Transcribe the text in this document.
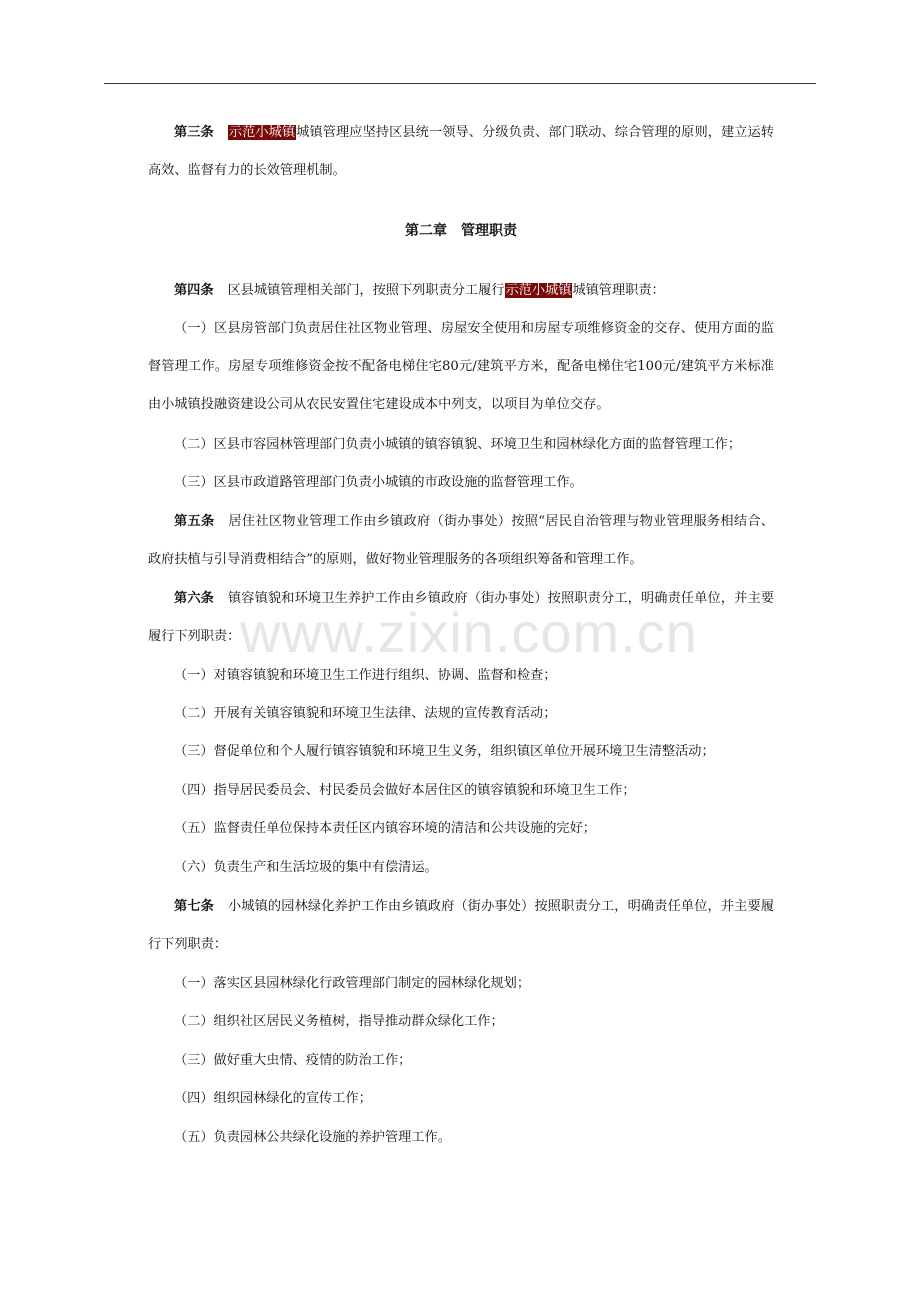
www.zixin.com.cn
第三条 示范小城镇城镇管理应坚持区县统一领导、分级负责、部门联动、综合管理的原则，建立运转高效、监督有力的长效管理机制。
第二章　管理职责
第四条 区县城镇管理相关部门，按照下列职责分工履行示范小城镇城镇管理职责：
（一）区县房管部门负责居住社区物业管理、房屋安全使用和房屋专项维修资金的交存、使用方面的监督管理工作。房屋专项维修资金按不配备电梯住宅80元/建筑平方米，配备电梯住宅100元/建筑平方米标准由小城镇投融资建设公司从农民安置住宅建设成本中列支，以项目为单位交存。
（二）区县市容园林管理部门负责小城镇的镇容镇貌、环境卫生和园林绿化方面的监督管理工作；
（三）区县市政道路管理部门负责小城镇的市政设施的监督管理工作。
第五条 居住社区物业管理工作由乡镇政府（街办事处）按照“居民自治管理与物业管理服务相结合、政府扶植与引导消费相结合”的原则，做好物业管理服务的各项组织筹备和管理工作。
第六条 镇容镇貌和环境卫生养护工作由乡镇政府（街办事处）按照职责分工，明确责任单位，并主要履行下列职责：
（一）对镇容镇貌和环境卫生工作进行组织、协调、监督和检查；
（二）开展有关镇容镇貌和环境卫生法律、法规的宣传教育活动；
（三）督促单位和个人履行镇容镇貌和环境卫生义务，组织镇区单位开展环境卫生清整活动；
（四）指导居民委员会、村民委员会做好本居住区的镇容镇貌和环境卫生工作；
（五）监督责任单位保持本责任区内镇容环境的清洁和公共设施的完好；
（六）负责生产和生活垃圾的集中有偿清运。
第七条 小城镇的园林绿化养护工作由乡镇政府（街办事处）按照职责分工，明确责任单位，并主要履行下列职责：
（一）落实区县园林绿化行政管理部门制定的园林绿化规划；
（二）组织社区居民义务植树，指导推动群众绿化工作；
（三）做好重大虫情、疫情的防治工作；
（四）组织园林绿化的宣传工作；
（五）负责园林公共绿化设施的养护管理工作。
